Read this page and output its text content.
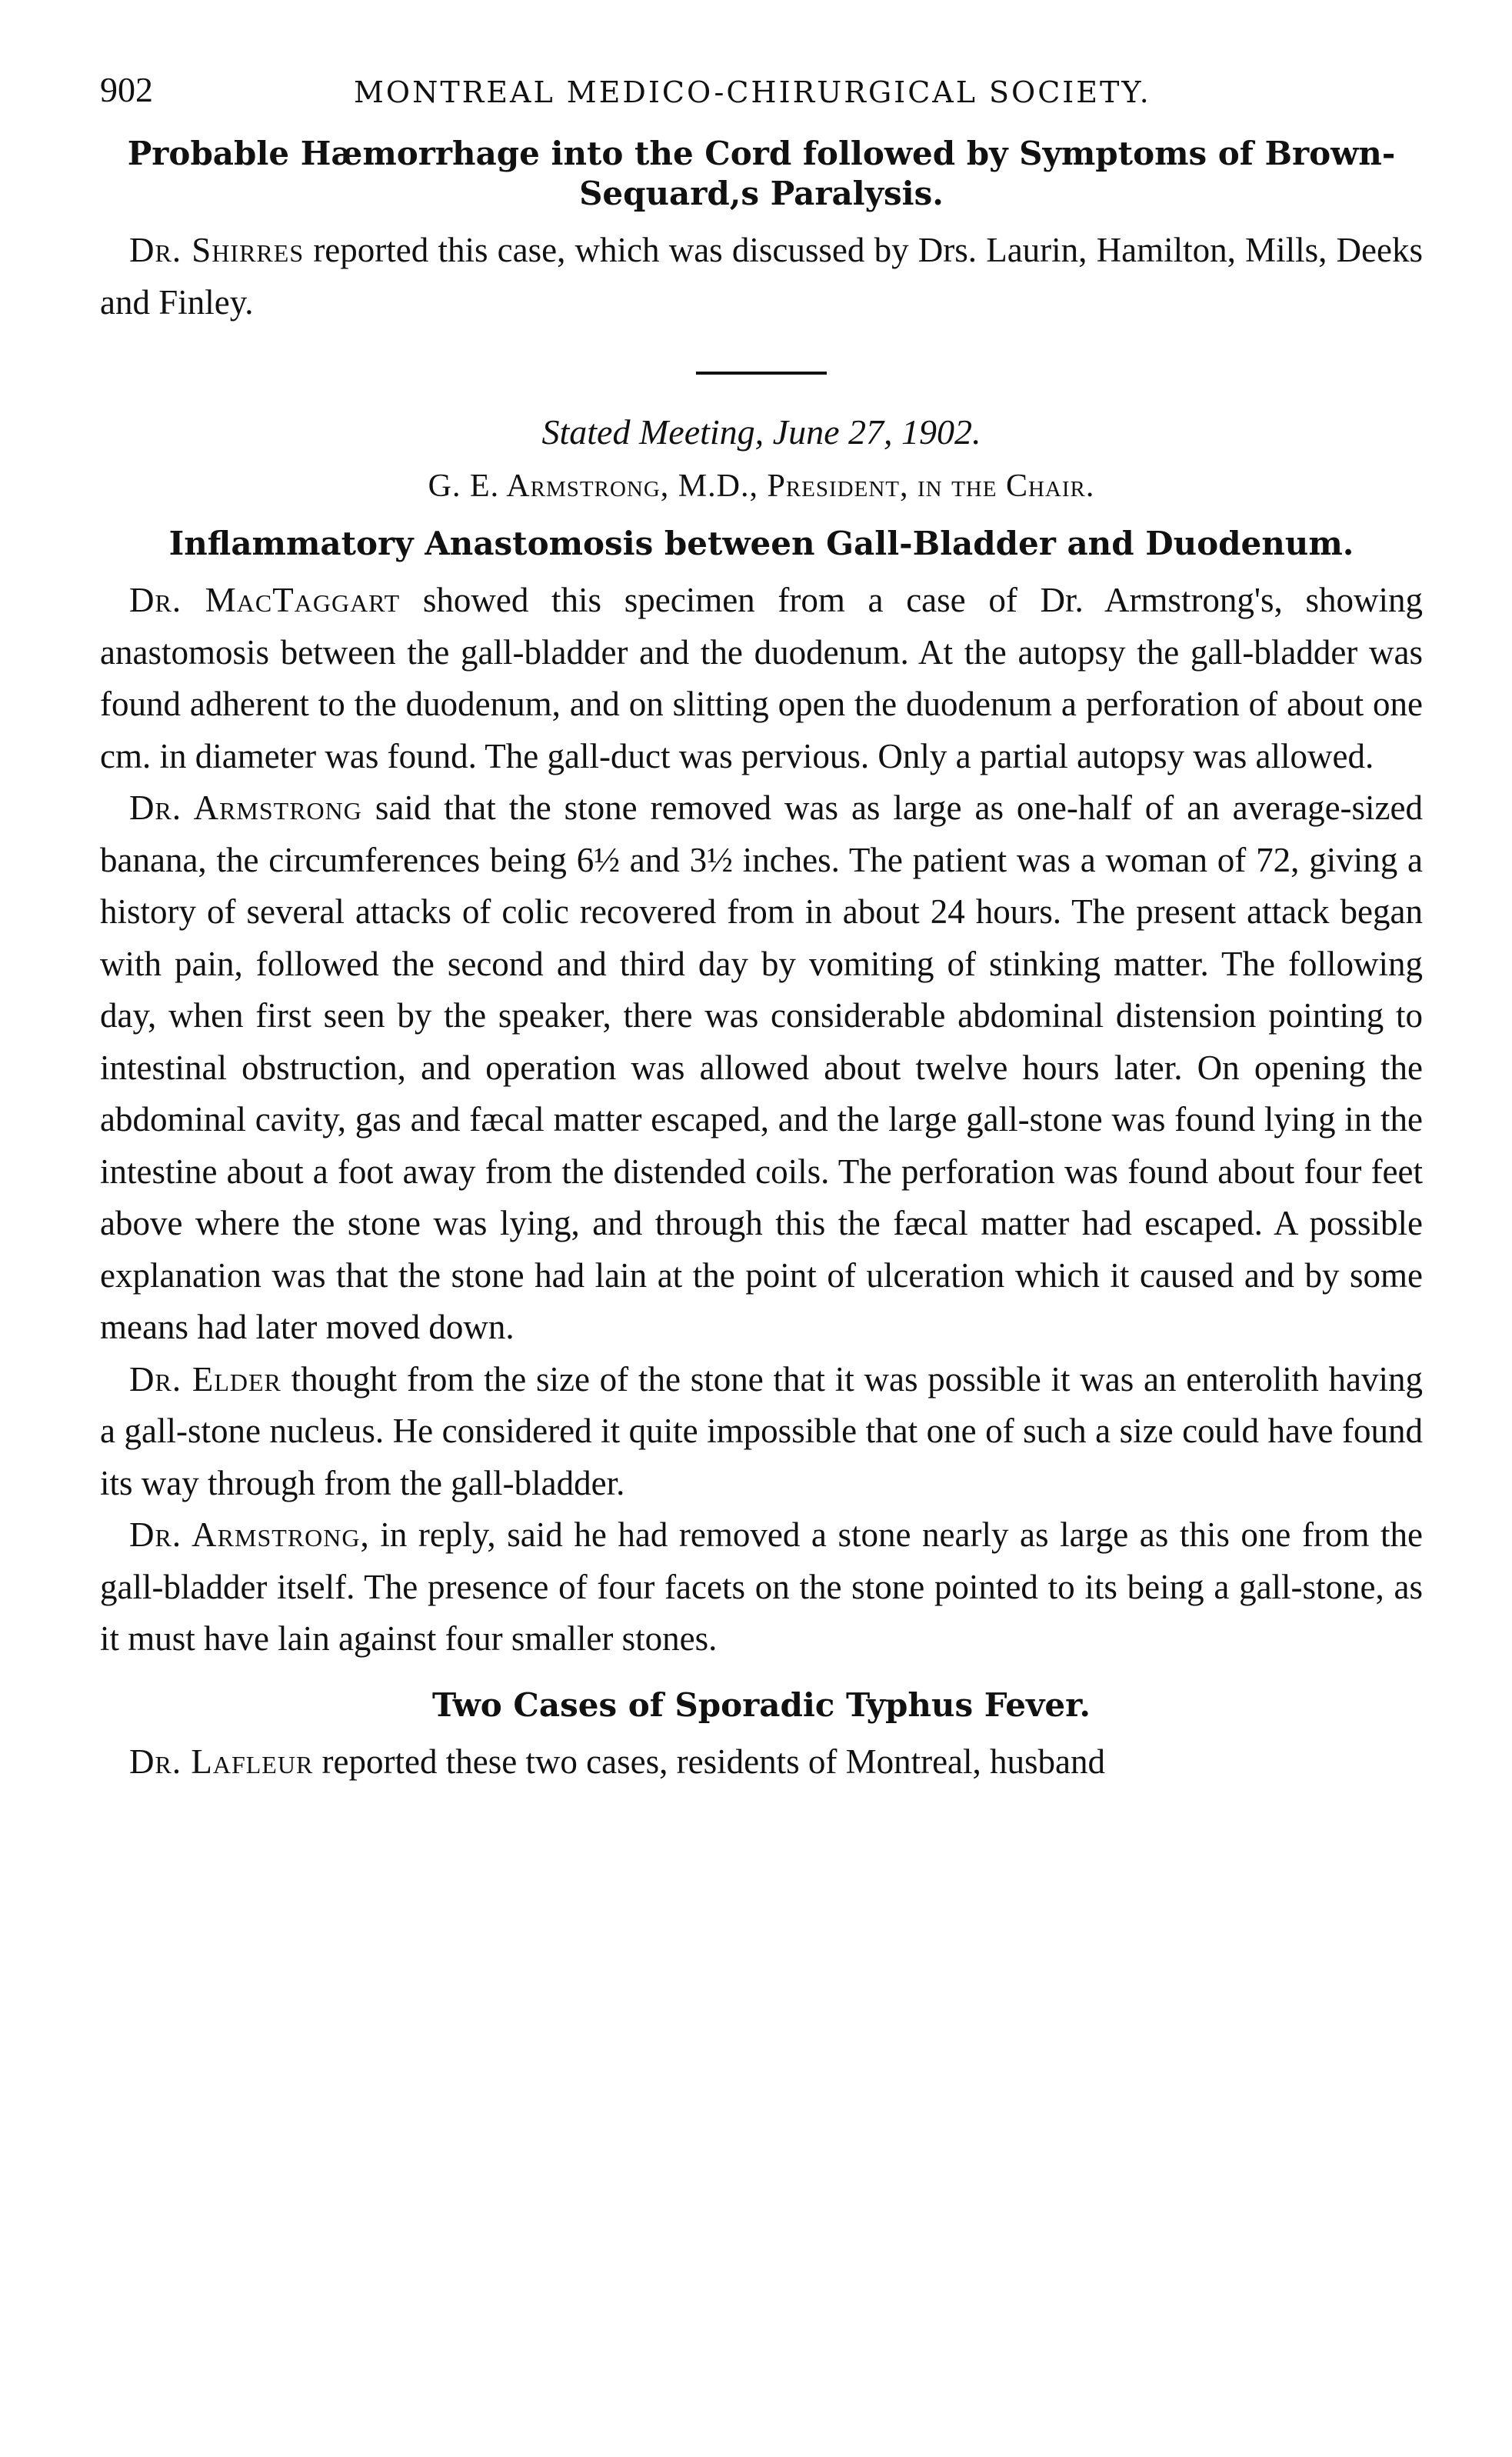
902	MONTREAL MEDICO-CHIRURGICAL SOCIETY.
Probable Hæmorrhage into the Cord followed by Symptoms of Brown-Sequard,s Paralysis.

Dr. Shirres reported this case, which was discussed by Drs. Laurin, Hamilton, Mills, Deeks and Finley.

Stated Meeting, June 27, 1902.
G. E. Armstrong, M.D., President, in the Chair.
Inflammatory Anastomosis between Gall-Bladder and Duodenum.

Dr. MacTaggart showed this specimen from a case of Dr. Armstrong's, showing anastomosis between the gall-bladder and the duodenum. At the autopsy the gall-bladder was found adherent to the duodenum, and on slitting open the duodenum a perforation of about one cm. in diameter was found. The gall-duct was pervious. Only a partial autopsy was allowed.

Dr. Armstrong said that the stone removed was as large as one-half of an average-sized banana, the circumferences being 6½ and 3½ inches. The patient was a woman of 72, giving a history of several attacks of colic recovered from in about 24 hours. The present attack began with pain, followed the second and third day by vomiting of stinking matter. The following day, when first seen by the speaker, there was considerable abdominal distension pointing to intestinal obstruction, and operation was allowed about twelve hours later. On opening the abdominal cavity, gas and fæcal matter escaped, and the large gall-stone was found lying in the intestine about a foot away from the distended coils. The perforation was found about four feet above where the stone was lying, and through this the fæcal matter had escaped. A possible explanation was that the stone had lain at the point of ulceration which it caused and by some means had later moved down.

Dr. Elder thought from the size of the stone that it was possible it was an enterolith having a gall-stone nucleus. He considered it quite impossible that one of such a size could have found its way through from the gall-bladder.

Dr. Armstrong, in reply, said he had removed a stone nearly as large as this one from the gall-bladder itself. The presence of four facets on the stone pointed to its being a gall-stone, as it must have lain against four smaller stones.

Two Cases of Sporadic Typhus Fever.

Dr. Lafleur reported these two cases, residents of Montreal, husband
